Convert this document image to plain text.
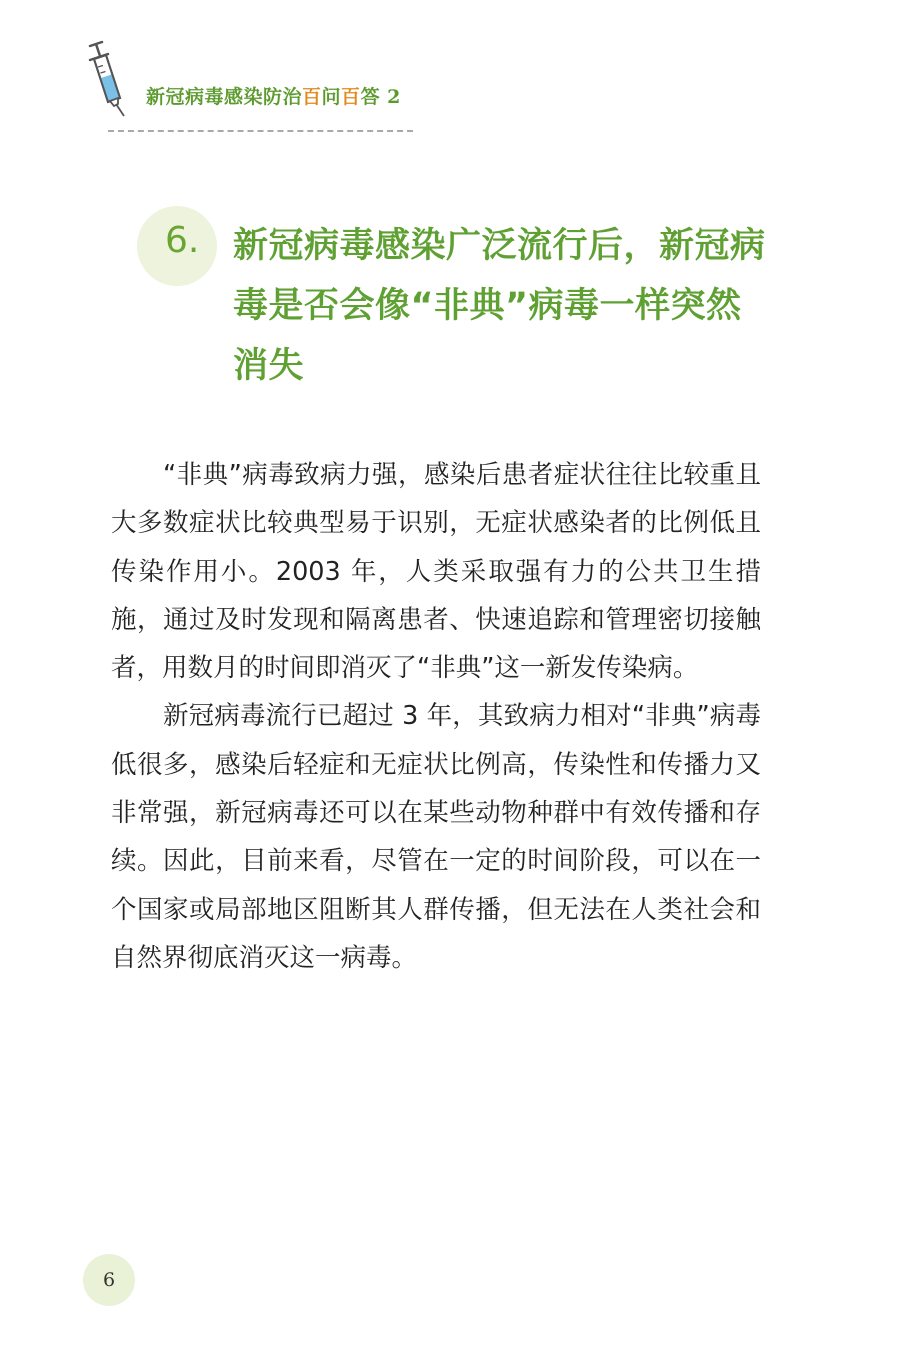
新冠病毒感染防治百问百答 2
6. 新冠病毒感染广泛流行后，新冠病毒是否会像“非典”病毒一样突然消失

“非典”病毒致病力强，感染后患者症状往往比较重且大多数症状比较典型易于识别，无症状感染者的比例低且传染作用小。2003 年，人类采取强有力的公共卫生措施，通过及时发现和隔离患者、快速追踪和管理密切接触者，用数月的时间即消灭了“非典”这一新发传染病。

新冠病毒流行已超过 3 年，其致病力相对“非典”病毒低很多，感染后轻症和无症状比例高，传染性和传播力又非常强，新冠病毒还可以在某些动物种群中有效传播和存续。因此，目前来看，尽管在一定的时间阶段，可以在一个国家或局部地区阻断其人群传播，但无法在人类社会和自然界彻底消灭这一病毒。

6
